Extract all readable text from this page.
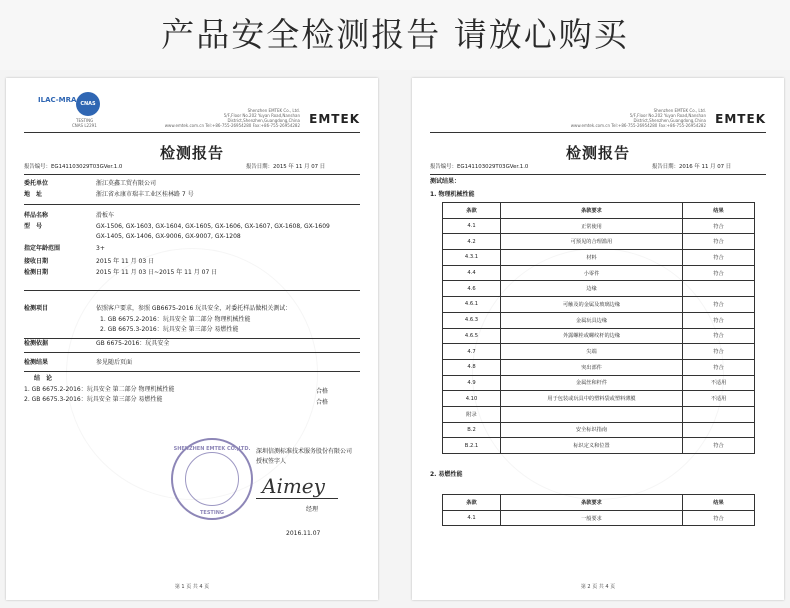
产品安全检测报告 请放心购买
ILAC-MRA CNAS
TESTING
CNAS L2291
Shenzhen EMTEK Co., Ltd.
5/F,Floor No.202 Yuyan Road,Nanshan District,Shenzhen,Guangdong,China
www.emtek.com.cn Tel:+86-755-26954280 Fax:+86-755-26954282 EMTEK
检测报告
报告编号：EG141103029T03GVer.1.0	报告日期：2015 年 11 月 07 日
委托单位	浙江莫鑫工贸有限公司
地　址	浙江省永康市瑞丰工业区桂林路 7 号
样品名称	滑板车
型　号	GX-1506, GX-1603, GX-1604, GX-1605, GX-1606, GX-1607, GX-1608, GX-1609
GX-1405, GX-1406, GX-9006, GX-9007, GX-1208
指定年龄范围	3+
接收日期	2015 年 11 月 03 日
检测日期	2015 年 11 月 03 日~2015 年 11 月 07 日
检测项目	依照客户要求，参照 GB6675-2016 玩具安全，对委托样品做相关测试：
1. GB 6675.2-2016：玩具安全 第二部分 物理机械性能
2. GB 6675.3-2016：玩具安全 第三部分 易燃性能
检测依据	GB 6675-2016：玩具安全
检测结果	参见随后页面
结　论
1. GB 6675.2-2016：玩具安全 第二部分 物理机械性能
2. GB 6675.3-2016：玩具安全 第三部分 易燃性能
合格
合格
深圳信测标准技术服务股份有限公司
授权签字人
SHENZHEN EMTEK CO.,LTD.
TESTING
Aimey
经理
2016.11.07
第 1 页 共 4 页
Shenzhen EMTEK Co., Ltd.
5/F,Floor No.202 Yuyan Road,Nanshan District,Shenzhen,Guangdong,China
www.emtek.com.cn Tel:+86-755-26954280 Fax:+86-755-26954282 EMTEK
检测报告
报告编号：EG141103029T03GVer.1.0	报告日期：2016 年 11 月 07 日
测试结果：
1. 物理机械性能
条款	条款要求	结果
4.1	正常使用	符合
4.2	可预见的合理滥用	符合
4.3.1	材料	符合
4.4	小零件	符合
4.6	边缘	
4.6.1	可触及的金属及玻璃边缘	符合
4.6.3	金属玩具边缘	符合
4.6.5	外露螺栓或螺纹杆的边缘	符合
4.7	尖端	符合
4.8	突出部件	符合
4.9	金属丝和杆件	不适用
4.10	用于包装或玩具中的塑料袋或塑料薄膜	不适用
附录		
B.2	安全标识指南	
B.2.1	标识定义和位置	符合
2. 易燃性能
条款	条款要求	结果
4.1	一般要求	符合
第 2 页 共 4 页
